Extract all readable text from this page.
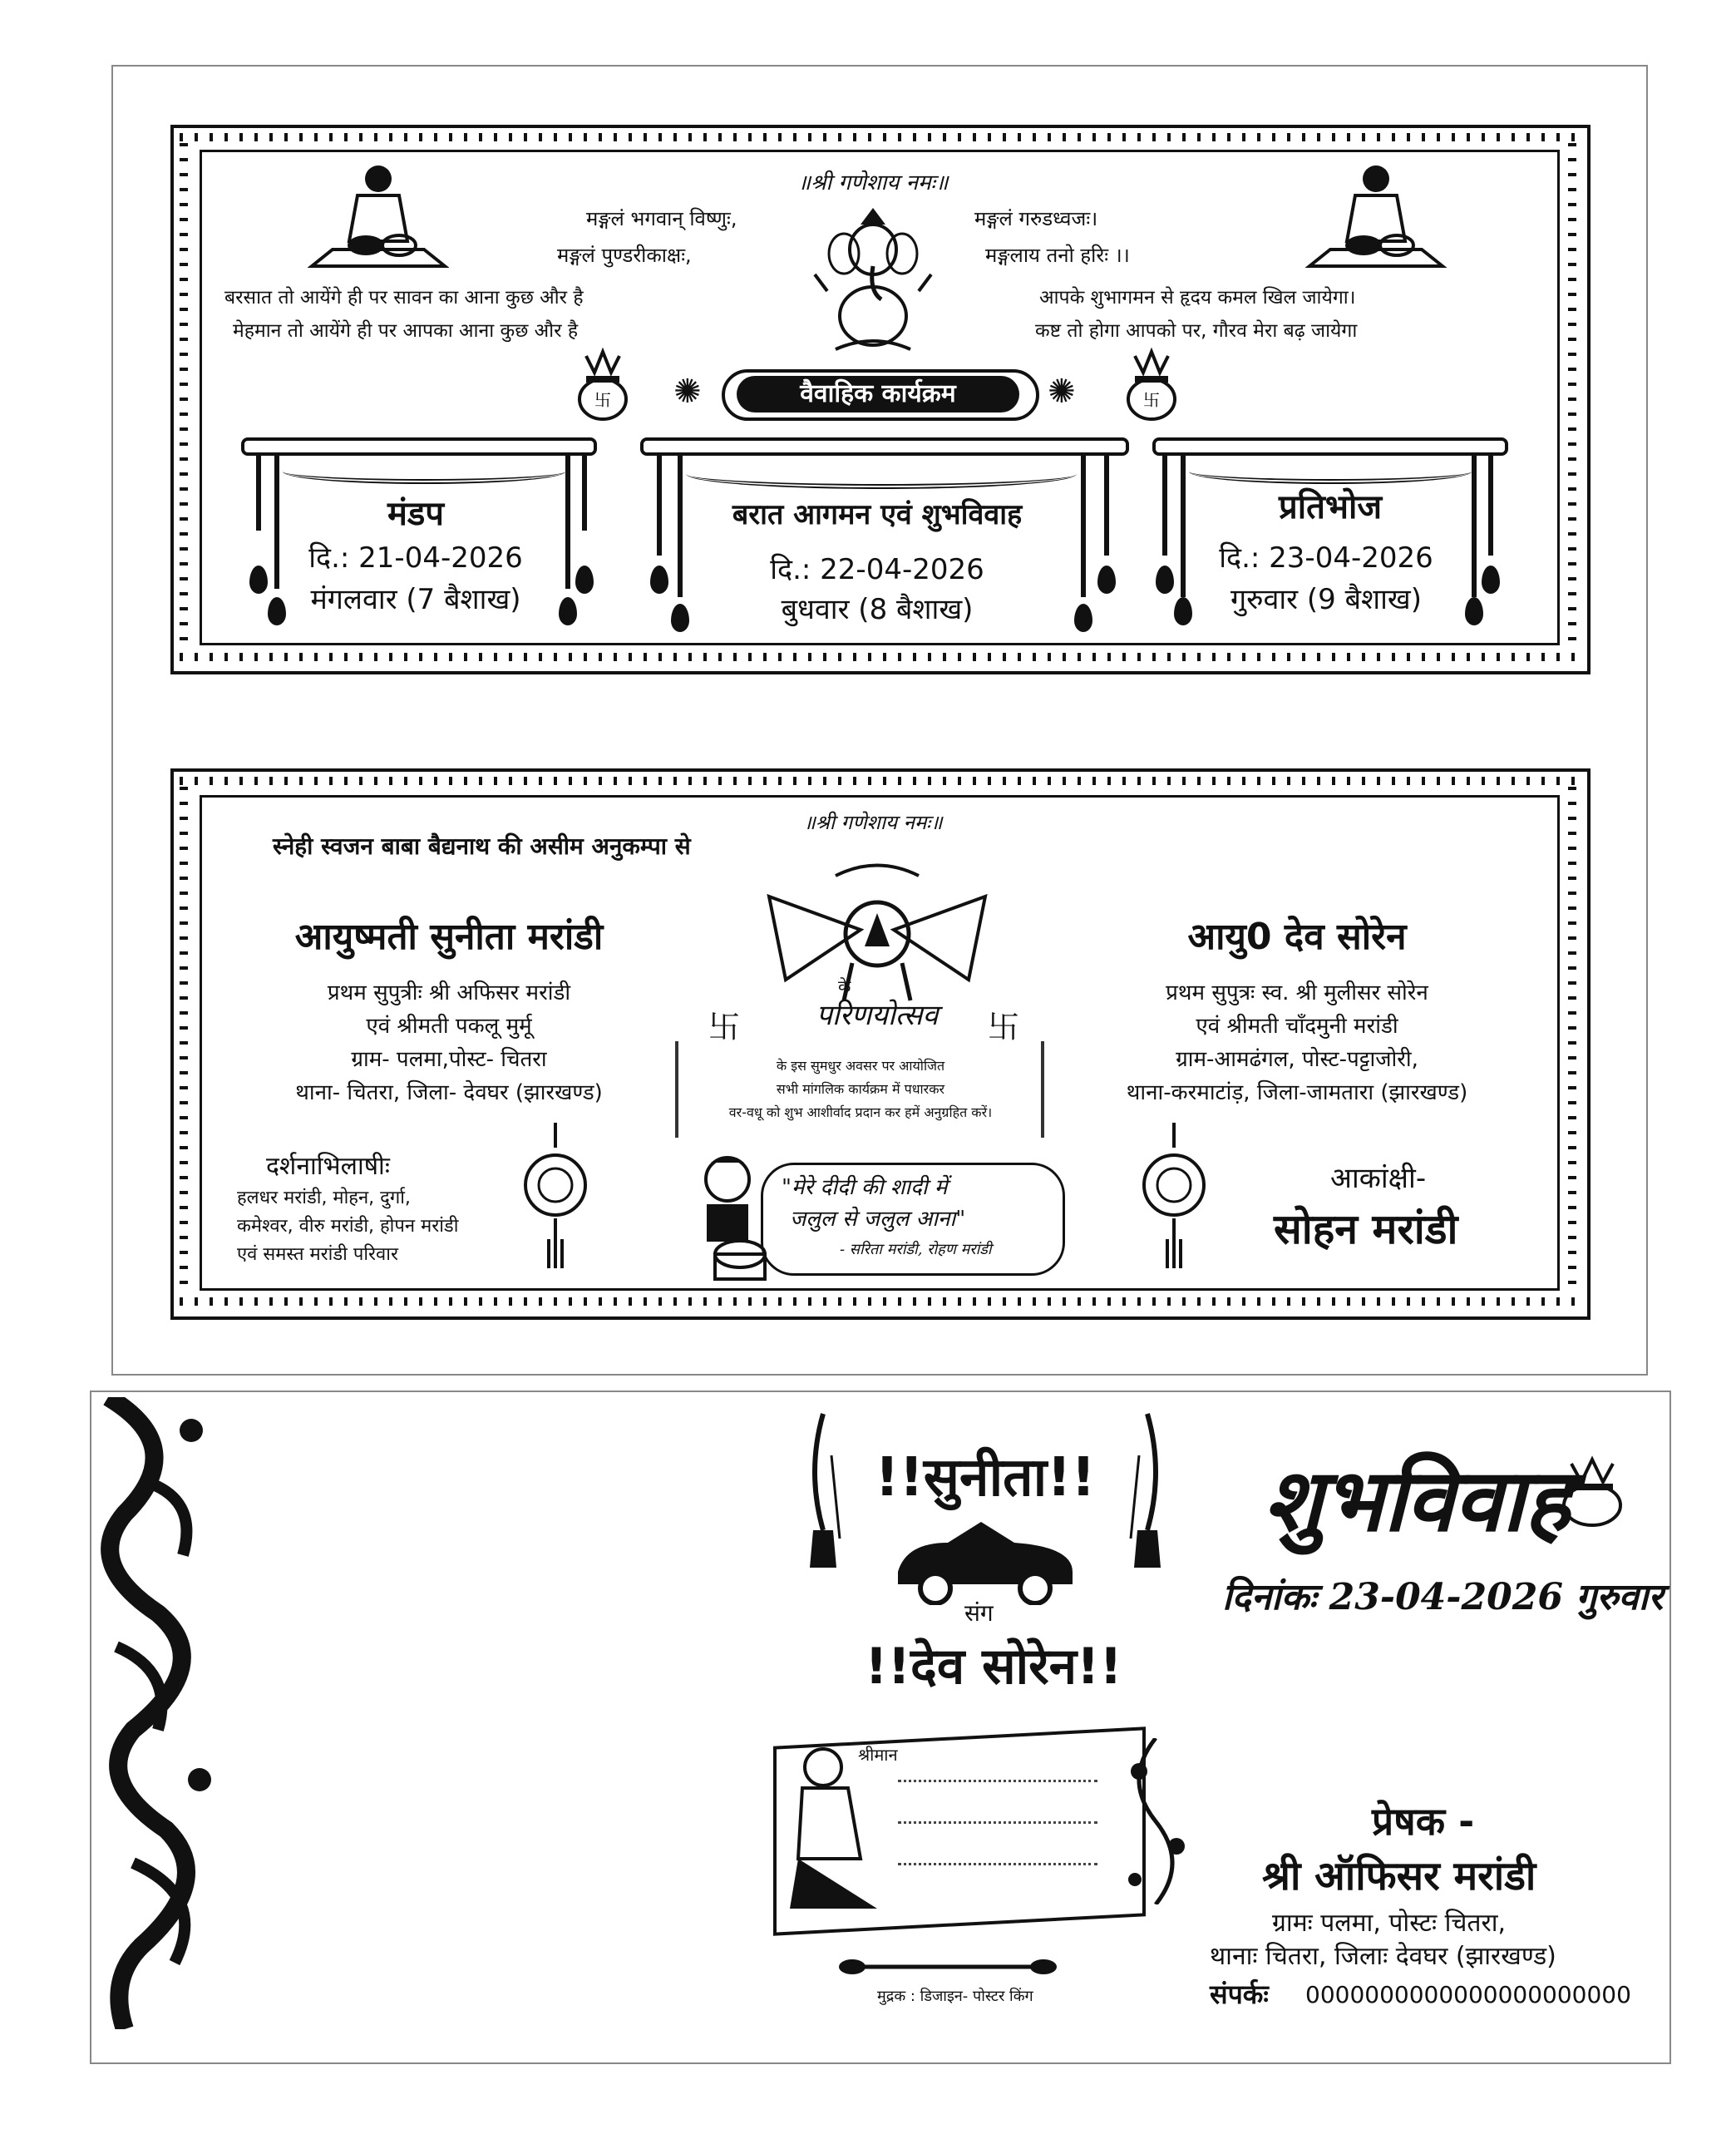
॥श्री गणेशाय नमः॥
मङ्गलं भगवान् विष्णुः,	मङ्गलं गरुडध्वजः।
मङ्गलं पुण्डरीकाक्षः,	मङ्गलाय तनो हरिः ।।
बरसात तो आयेंगे ही पर सावन का आना कुछ और है
मेहमान तो आयेंगे ही पर आपका आना कुछ और है
आपके शुभागमन से हृदय कमल खिल जायेगा।
कष्ट तो होगा आपको पर, गौरव मेरा बढ़ जायेगा
卐	卐
✺	✺
वैवाहिक कार्यक्रम
मंडप
दि.: 21-04-2026
मंगलवार (7 बैशाख)
बरात आगमन एवं शुभविवाह
दि.: 22-04-2026
बुधवार (8 बैशाख)
प्रतिभोज
दि.: 23-04-2026
गुरुवार (9 बैशाख)
स्नेही स्वजन बाबा बैद्यनाथ की असीम अनुकम्पा से
॥श्री गणेशाय नमः॥
के
परिणयोत्सव
卐	卐
के इस सुमधुर अवसर पर आयोजित
सभी मांगलिक कार्यक्रम में पधारकर
वर-वधू को शुभ आशीर्वाद प्रदान कर हमें अनुग्रहित करें।
आयुष्मती सुनीता मरांडी
प्रथम सुपुत्रीः श्री अफिसर मरांडी
एवं श्रीमती पकलू मुर्मू
ग्राम- पलमा,पोस्ट- चितरा
थाना- चितरा, जिला- देवघर (झारखण्ड)
आयु0 देव सोरेन
प्रथम सुपुत्रः स्व. श्री मुलीसर सोरेन
एवं श्रीमती चाँदमुनी मरांडी
ग्राम-आमढंगल, पोस्ट-पट्टाजोरी,
थाना-करमाटांड़, जिला-जामतारा (झारखण्ड)
दर्शनाभिलाषीः
हलधर मरांडी, मोहन, दुर्गा,
कमेश्वर, वीरु मरांडी, होपन मरांडी
एवं समस्त मरांडी परिवार
आकांक्षी-
सोहन मरांडी
"मेरे दीदी की शादी में
जलुल से जलुल आना"
- सरिता मरांडी, रोहण मरांडी
!!सुनीता!!
संग
!!देव सोरेन!!
शुभविवाह
दिनांकः 23-04-2026 गुरुवार
श्रीमान
मुद्रक : डिजाइन- पोस्टर किंग
प्रेषक -
श्री ऑफिसर मरांडी
ग्रामः पलमा, पोस्टः चितरा,
थानाः चितरा, जिलाः देवघर (झारखण्ड)
संपर्कः 0000000000000000000000
